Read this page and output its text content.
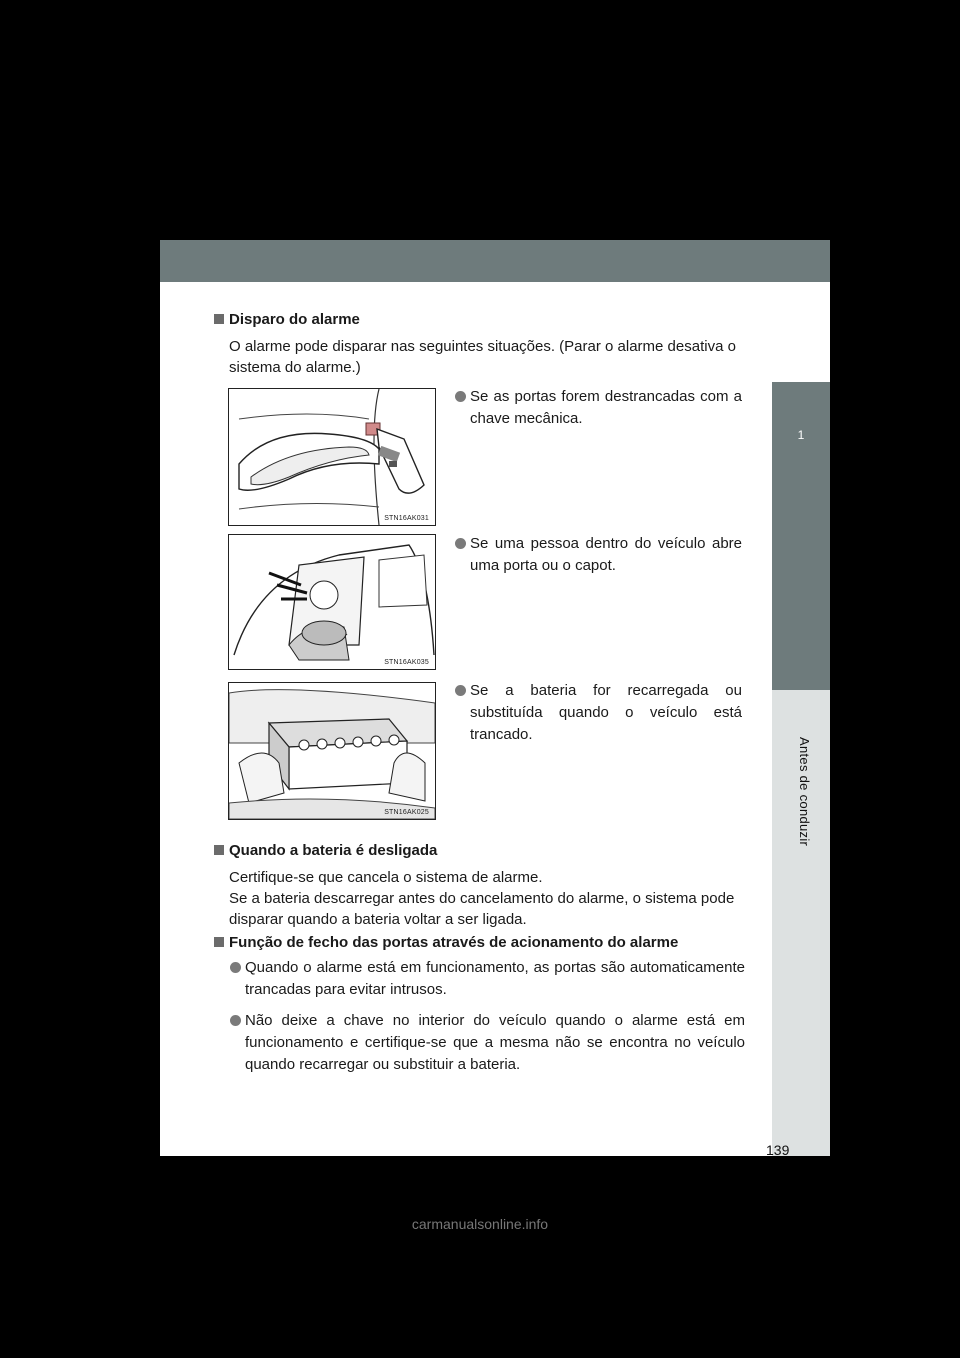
1
Antes de conduzir
Disparo do alarme
O alarme pode disparar nas seguintes situações. (Parar o alarme desativa o sistema do alarme.)
STN16AK031
Se as portas forem destrancadas com a chave mecânica.
STN16AK035
Se uma pessoa dentro do veículo abre uma porta ou o capot.
STN16AK025
Se a bateria for recarregada ou substituída quando o veículo está trancado.
Quando a bateria é desligada
Certifique-se que cancela o sistema de alarme.
Se a bateria descarregar antes do cancelamento do alarme, o sistema pode disparar quando a bateria voltar a ser ligada.
Função de fecho das portas através de acionamento do alarme
Quando o alarme está em funcionamento, as portas são automaticamente trancadas para evitar intrusos.
Não deixe a chave no interior do veículo quando o alarme está em funcionamento e certifique-se que a mesma não se encontra no veículo quando recarregar ou substituir a bateria.
139
carmanualsonline.info
